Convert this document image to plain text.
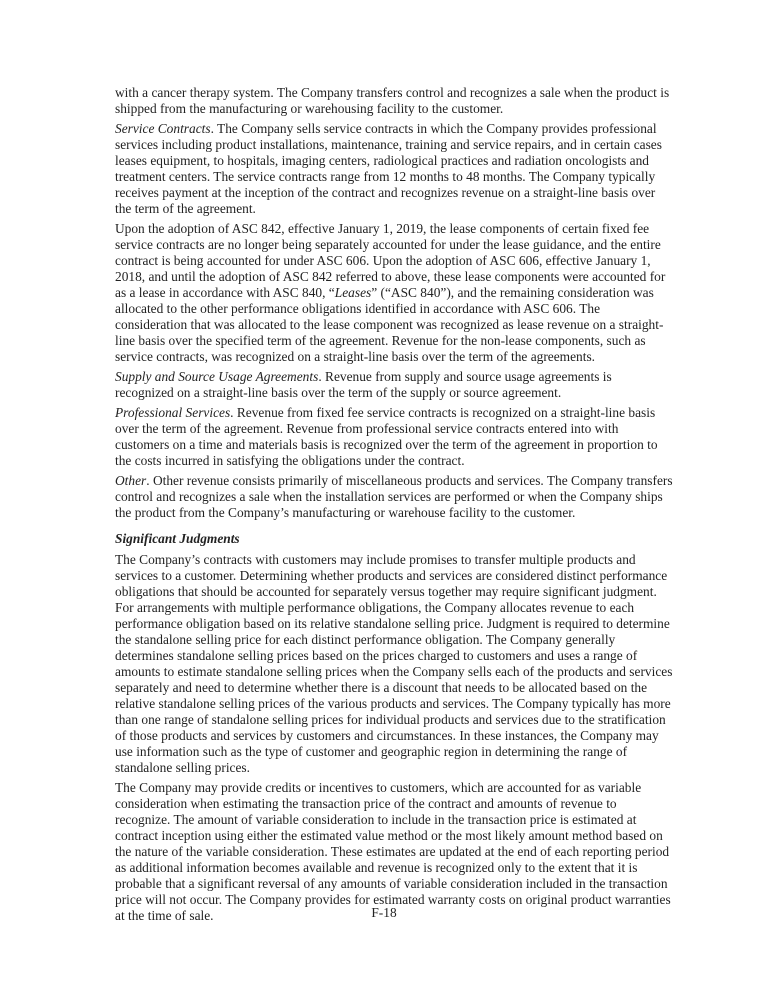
with a cancer therapy system. The Company transfers control and recognizes a sale when the product is shipped from the manufacturing or warehousing facility to the customer.

Service Contracts. The Company sells service contracts in which the Company provides professional services including product installations, maintenance, training and service repairs, and in certain cases leases equipment, to hospitals, imaging centers, radiological practices and radiation oncologists and treatment centers. The service contracts range from 12 months to 48 months. The Company typically receives payment at the inception of the contract and recognizes revenue on a straight-line basis over the term of the agreement.

Upon the adoption of ASC 842, effective January 1, 2019, the lease components of certain fixed fee service contracts are no longer being separately accounted for under the lease guidance, and the entire contract is being accounted for under ASC 606. Upon the adoption of ASC 606, effective January 1, 2018, and until the adoption of ASC 842 referred to above, these lease components were accounted for as a lease in accordance with ASC 840, “Leases” (“ASC 840”), and the remaining consideration was allocated to the other performance obligations identified in accordance with ASC 606. The consideration that was allocated to the lease component was recognized as lease revenue on a straight-line basis over the specified term of the agreement. Revenue for the non-lease components, such as service contracts, was recognized on a straight-line basis over the term of the agreements.

Supply and Source Usage Agreements. Revenue from supply and source usage agreements is recognized on a straight-line basis over the term of the supply or source agreement.

Professional Services. Revenue from fixed fee service contracts is recognized on a straight-line basis over the term of the agreement. Revenue from professional service contracts entered into with customers on a time and materials basis is recognized over the term of the agreement in proportion to the costs incurred in satisfying the obligations under the contract.

Other. Other revenue consists primarily of miscellaneous products and services. The Company transfers control and recognizes a sale when the installation services are performed or when the Company ships the product from the Company’s manufacturing or warehouse facility to the customer.

Significant Judgments

The Company’s contracts with customers may include promises to transfer multiple products and services to a customer. Determining whether products and services are considered distinct performance obligations that should be accounted for separately versus together may require significant judgment. For arrangements with multiple performance obligations, the Company allocates revenue to each performance obligation based on its relative standalone selling price. Judgment is required to determine the standalone selling price for each distinct performance obligation. The Company generally determines standalone selling prices based on the prices charged to customers and uses a range of amounts to estimate standalone selling prices when the Company sells each of the products and services separately and need to determine whether there is a discount that needs to be allocated based on the relative standalone selling prices of the various products and services. The Company typically has more than one range of standalone selling prices for individual products and services due to the stratification of those products and services by customers and circumstances. In these instances, the Company may use information such as the type of customer and geographic region in determining the range of standalone selling prices.

The Company may provide credits or incentives to customers, which are accounted for as variable consideration when estimating the transaction price of the contract and amounts of revenue to recognize. The amount of variable consideration to include in the transaction price is estimated at contract inception using either the estimated value method or the most likely amount method based on the nature of the variable consideration. These estimates are updated at the end of each reporting period as additional information becomes available and revenue is recognized only to the extent that it is probable that a significant reversal of any amounts of variable consideration included in the transaction price will not occur. The Company provides for estimated warranty costs on original product warranties at the time of sale.	F-18
